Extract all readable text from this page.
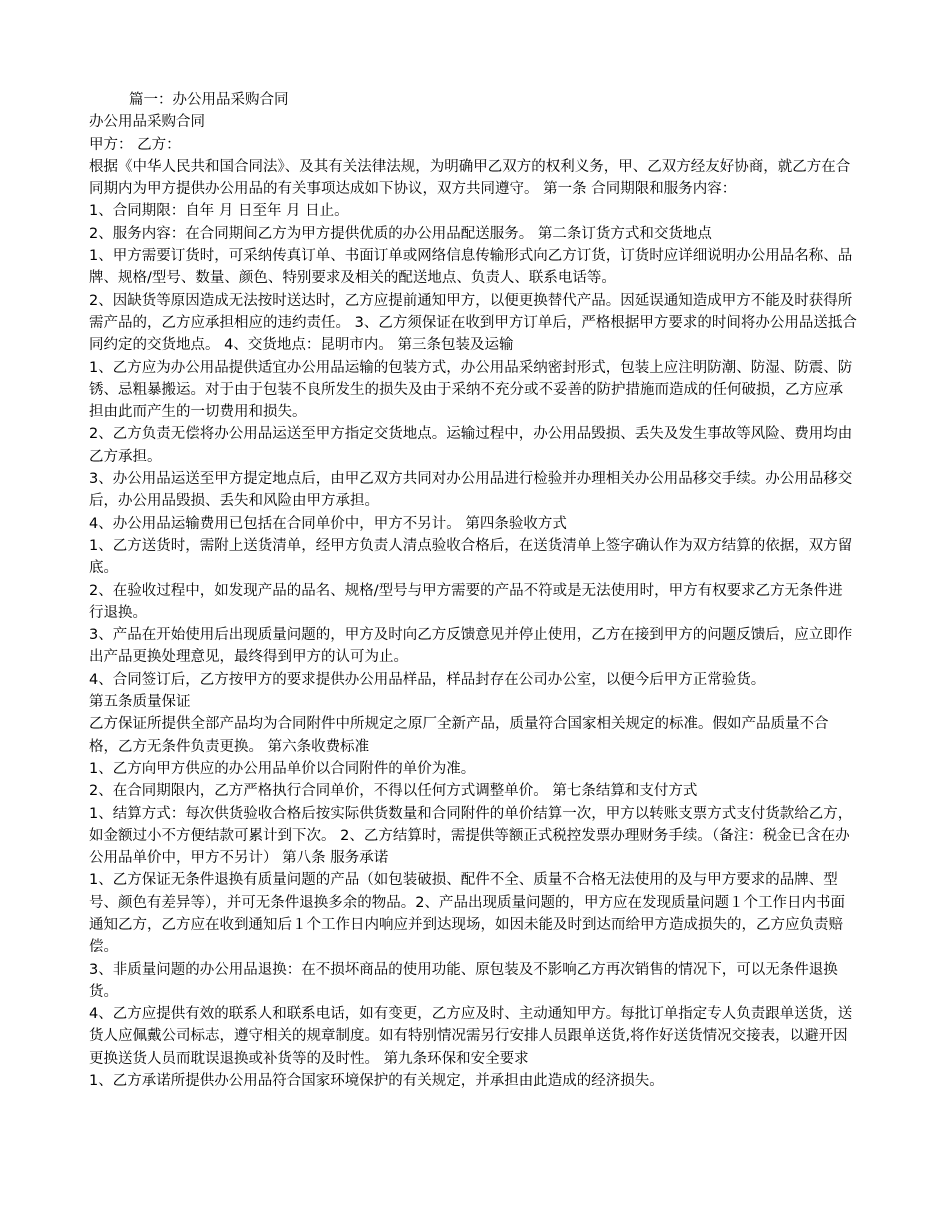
篇一：办公用品采购合同

办公用品采购合同

甲方： 乙方：

根据《中华人民共和国合同法》、及其有关法律法规，为明确甲乙双方的权利义务，甲、乙双方经友好协商，就乙方在合同期内为甲方提供办公用品的有关事项达成如下协议，双方共同遵守。 第一条 合同期限和服务内容：

1、合同期限：自年 月 日至年 月 日止。

2、服务内容：在合同期间乙方为甲方提供优质的办公用品配送服务。 第二条订货方式和交货地点

1、甲方需要订货时，可采纳传真订单、书面订单或网络信息传输形式向乙方订货，订货时应详细说明办公用品名称、品牌、规格/型号、数量、颜色、特别要求及相关的配送地点、负责人、联系电话等。

2、因缺货等原因造成无法按时送达时，乙方应提前通知甲方，以便更换替代产品。因延误通知造成甲方不能及时获得所需产品的，乙方应承担相应的违约责任。 3、乙方须保证在收到甲方订单后，严格根据甲方要求的时间将办公用品送抵合同约定的交货地点。 4、交货地点：昆明市内。 第三条包装及运输

1、乙方应为办公用品提供适宜办公用品运输的包装方式，办公用品采纳密封形式，包装上应注明防潮、防湿、防震、防锈、忌粗暴搬运。对于由于包装不良所发生的损失及由于采纳不充分或不妥善的防护措施而造成的任何破损，乙方应承担由此而产生的一切费用和损失。

2、乙方负责无偿将办公用品运送至甲方指定交货地点。运输过程中，办公用品毁损、丢失及发生事故等风险、费用均由乙方承担。

3、办公用品运送至甲方提定地点后，由甲乙双方共同对办公用品进行检验并办理相关办公用品移交手续。办公用品移交后，办公用品毁损、丢失和风险由甲方承担。

4、办公用品运输费用已包括在合同单价中，甲方不另计。 第四条验收方式

1、乙方送货时，需附上送货清单，经甲方负责人清点验收合格后，在送货清单上签字确认作为双方结算的依据，双方留底。

2、在验收过程中，如发现产品的品名、规格/型号与甲方需要的产品不符或是无法使用时，甲方有权要求乙方无条件进行退换。

3、产品在开始使用后出现质量问题的，甲方及时向乙方反馈意见并停止使用，乙方在接到甲方的问题反馈后，应立即作出产品更换处理意见，最终得到甲方的认可为止。

4、合同签订后，乙方按甲方的要求提供办公用品样品，样品封存在公司办公室，以便今后甲方正常验货。

第五条质量保证

乙方保证所提供全部产品均为合同附件中所规定之原厂全新产品，质量符合国家相关规定的标准。假如产品质量不合格，乙方无条件负责更换。 第六条收费标准

1、乙方向甲方供应的办公用品单价以合同附件的单价为准。

2、在合同期限内，乙方严格执行合同单价，不得以任何方式调整单价。 第七条结算和支付方式

1、结算方式：每次供货验收合格后按实际供货数量和合同附件的单价结算一次，甲方以转账支票方式支付货款给乙方，如金额过小不方便结款可累计到下次。 2、乙方结算时，需提供等额正式税控发票办理财务手续。（备注：税金已含在办公用品单价中，甲方不另计） 第八条 服务承诺

1、乙方保证无条件退换有质量问题的产品（如包装破损、配件不全、质量不合格无法使用的及与甲方要求的品牌、型号、颜色有差异等），并可无条件退换多余的物品。2、产品出现质量问题的，甲方应在发现质量问题１个工作日内书面通知乙方，乙方应在收到通知后１个工作日内响应并到达现场，如因未能及时到达而给甲方造成损失的，乙方应负责赔偿。

3、非质量问题的办公用品退换：在不损坏商品的使用功能、原包装及不影响乙方再次销售的情况下，可以无条件退换货。

4、乙方应提供有效的联系人和联系电话，如有变更，乙方应及时、主动通知甲方。每批订单指定专人负责跟单送货，送货人应佩戴公司标志，遵守相关的规章制度。如有特别情况需另行安排人员跟单送货,将作好送货情况交接表，以避开因更换送货人员而耽误退换或补货等的及时性。 第九条环保和安全要求

1、乙方承诺所提供办公用品符合国家环境保护的有关规定，并承担由此造成的经济损失。
